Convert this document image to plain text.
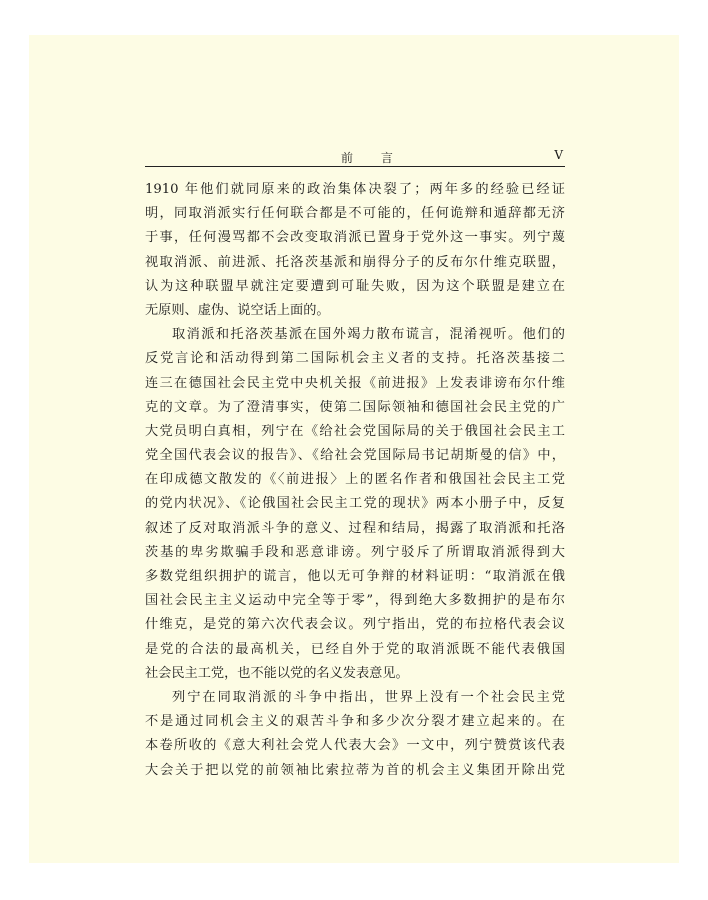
前 言	V
1910 年他们就同原来的政治集体决裂了；两年多的经验已经证
明，同取消派实行任何联合都是不可能的，任何诡辩和遁辞都无济
于事，任何漫骂都不会改变取消派已置身于党外这一事实。列宁蔑
视取消派、前进派、托洛茨基派和崩得分子的反布尔什维克联盟，
认为这种联盟早就注定要遭到可耻失败，因为这个联盟是建立在
无原则、虚伪、说空话上面的。
取消派和托洛茨基派在国外竭力散布谎言，混淆视听。他们的
反党言论和活动得到第二国际机会主义者的支持。托洛茨基接二
连三在德国社会民主党中央机关报《前进报》上发表诽谤布尔什维
克的文章。为了澄清事实，使第二国际领袖和德国社会民主党的广
大党员明白真相，列宁在《给社会党国际局的关于俄国社会民主工
党全国代表会议的报告》、《给社会党国际局书记胡斯曼的信》中，
在印成德文散发的《〈前进报〉上的匿名作者和俄国社会民主工党
的党内状况》、《论俄国社会民主工党的现状》两本小册子中，反复
叙述了反对取消派斗争的意义、过程和结局，揭露了取消派和托洛
茨基的卑劣欺骗手段和恶意诽谤。列宁驳斥了所谓取消派得到大
多数党组织拥护的谎言，他以无可争辩的材料证明：“取消派在俄
国社会民主主义运动中完全等于零”，得到绝大多数拥护的是布尔
什维克，是党的第六次代表会议。列宁指出，党的布拉格代表会议
是党的合法的最高机关，已经自外于党的取消派既不能代表俄国
社会民主工党，也不能以党的名义发表意见。
列宁在同取消派的斗争中指出，世界上没有一个社会民主党
不是通过同机会主义的艰苦斗争和多少次分裂才建立起来的。在
本卷所收的《意大利社会党人代表大会》一文中，列宁赞赏该代表
大会关于把以党的前领袖比索拉蒂为首的机会主义集团开除出党
